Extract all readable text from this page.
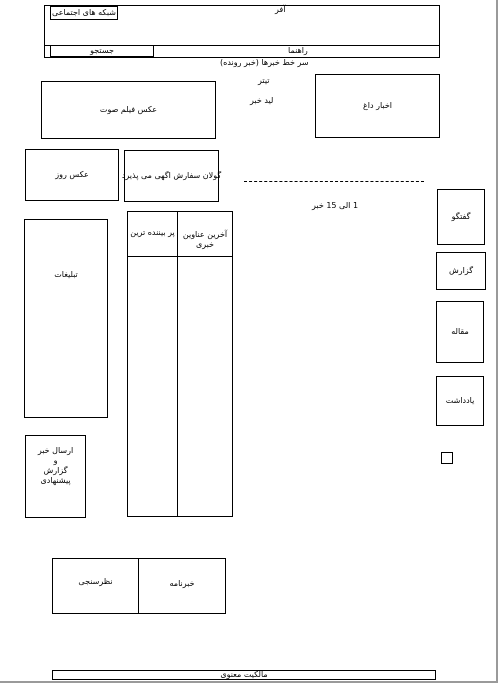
شبکه های اجتماعی	آفر
جستجو	راهنما
سر خط خبرها (خبر رونده)
تیتر
لید خبر
اخبار داغ
عکس فیلم صوت
عکس روز	گولان سفارش اگهی می پذیرد
1 الی 15 خبر
تبلیغات
پر بیننده ترین	آخرین عناوین خبری
ارسال خبر
و
گزارش
پیشنهادی
گفتگو
گزارش
مقاله
یادداشت
نظرسنجی	خبرنامه
مالکیت معنوی
